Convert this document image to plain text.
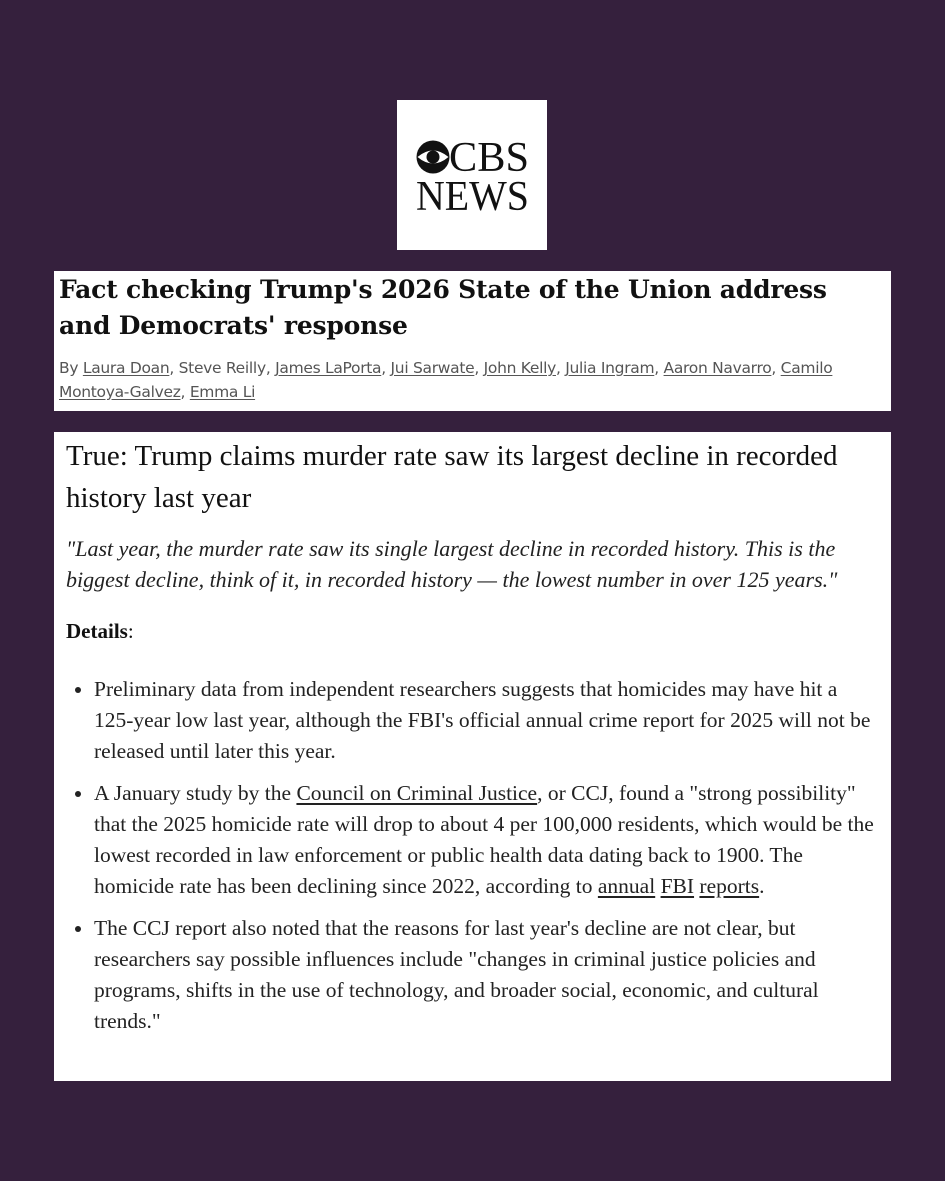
CBS
NEWS
Fact checking Trump's 2026 State of the Union address and Democrats' response
By Laura Doan, Steve Reilly, James LaPorta, Jui Sarwate, John Kelly, Julia Ingram, Aaron Navarro, Camilo Montoya-Galvez, Emma Li
True: Trump claims murder rate saw its largest decline in recorded history last year

"Last year, the murder rate saw its single largest decline in recorded history. This is the biggest decline, think of it, in recorded history — the lowest number in over 125 years."

Details:
• Preliminary data from independent researchers suggests that homicides may have hit a 125-year low last year, although the FBI's official annual crime report for 2025 will not be released until later this year.
• A January study by the Council on Criminal Justice, or CCJ, found a "strong possibility" that the 2025 homicide rate will drop to about 4 per 100,000 residents, which would be the lowest recorded in law enforcement or public health data dating back to 1900. The homicide rate has been declining since 2022, according to annual FBI reports.
• The CCJ report also noted that the reasons for last year's decline are not clear, but researchers say possible influences include "changes in criminal justice policies and programs, shifts in the use of technology, and broader social, economic, and cultural trends."
